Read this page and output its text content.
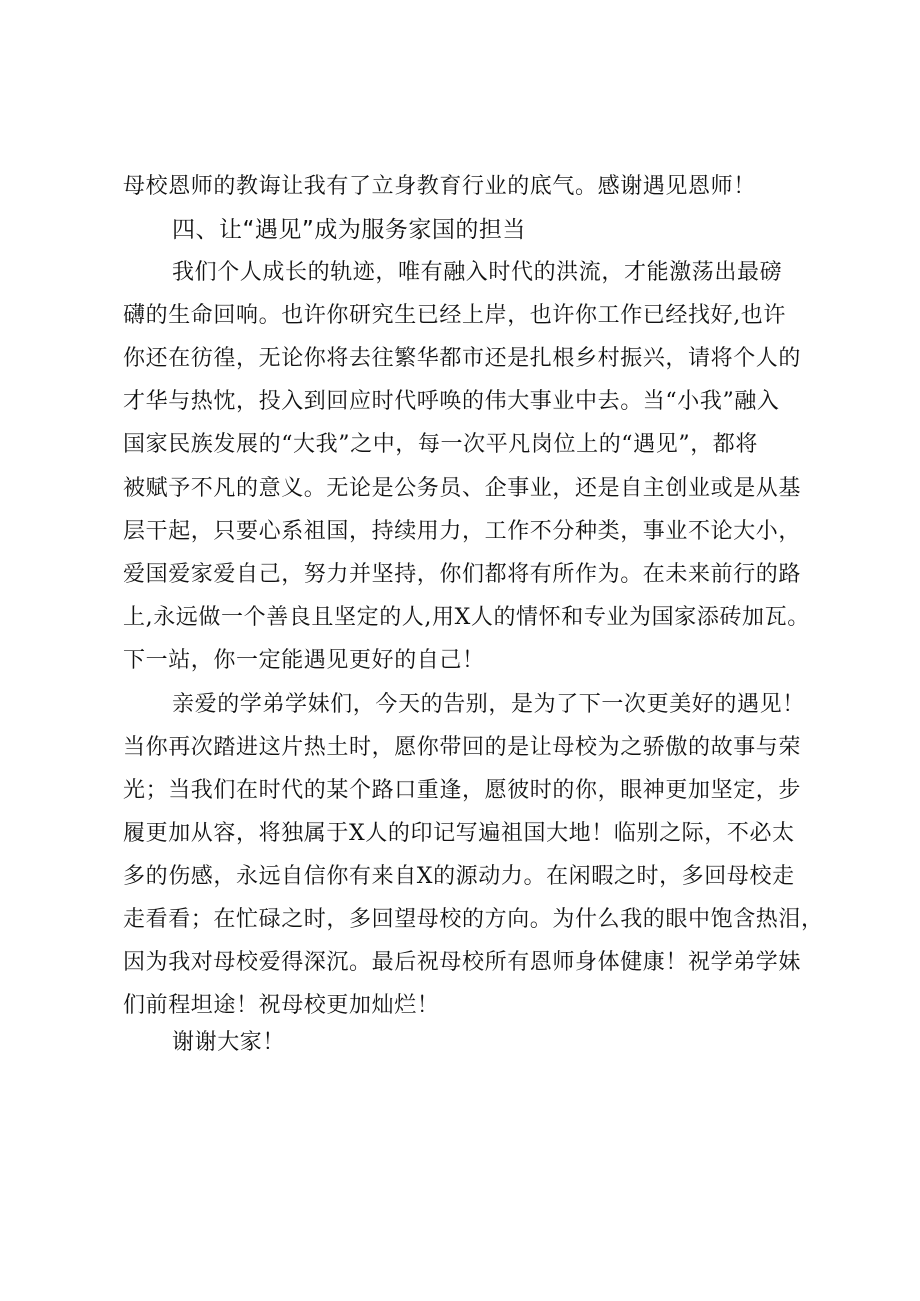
母校恩师的教诲让我有了立身教育行业的底气。感谢遇见恩师！
四、让“遇见”成为服务家国的担当
我们个人成长的轨迹，唯有融入时代的洪流，才能激荡出最磅
礴的生命回响。也许你研究生已经上岸，也许你工作已经找好,也许
你还在彷徨，无论你将去往繁华都市还是扎根乡村振兴，请将个人的
才华与热忱，投入到回应时代呼唤的伟大事业中去。当“小我”融入
国家民族发展的“大我”之中，每一次平凡岗位上的“遇见”，都将
被赋予不凡的意义。无论是公务员、企事业，还是自主创业或是从基
层干起，只要心系祖国，持续用力，工作不分种类，事业不论大小，
爱国爱家爱自己，努力并坚持，你们都将有所作为。在未来前行的路
上,永远做一个善良且坚定的人,用X人的情怀和专业为国家添砖加瓦。
下一站，你一定能遇见更好的自己！
亲爱的学弟学妹们，今天的告别，是为了下一次更美好的遇见！
当你再次踏进这片热土时，愿你带回的是让母校为之骄傲的故事与荣
光；当我们在时代的某个路口重逢，愿彼时的你，眼神更加坚定，步
履更加从容，将独属于X人的印记写遍祖国大地！临别之际，不必太
多的伤感，永远自信你有来自X的源动力。在闲暇之时，多回母校走
走看看；在忙碌之时，多回望母校的方向。为什么我的眼中饱含热泪，
因为我对母校爱得深沉。最后祝母校所有恩师身体健康！祝学弟学妹
们前程坦途！祝母校更加灿烂！
谢谢大家！
